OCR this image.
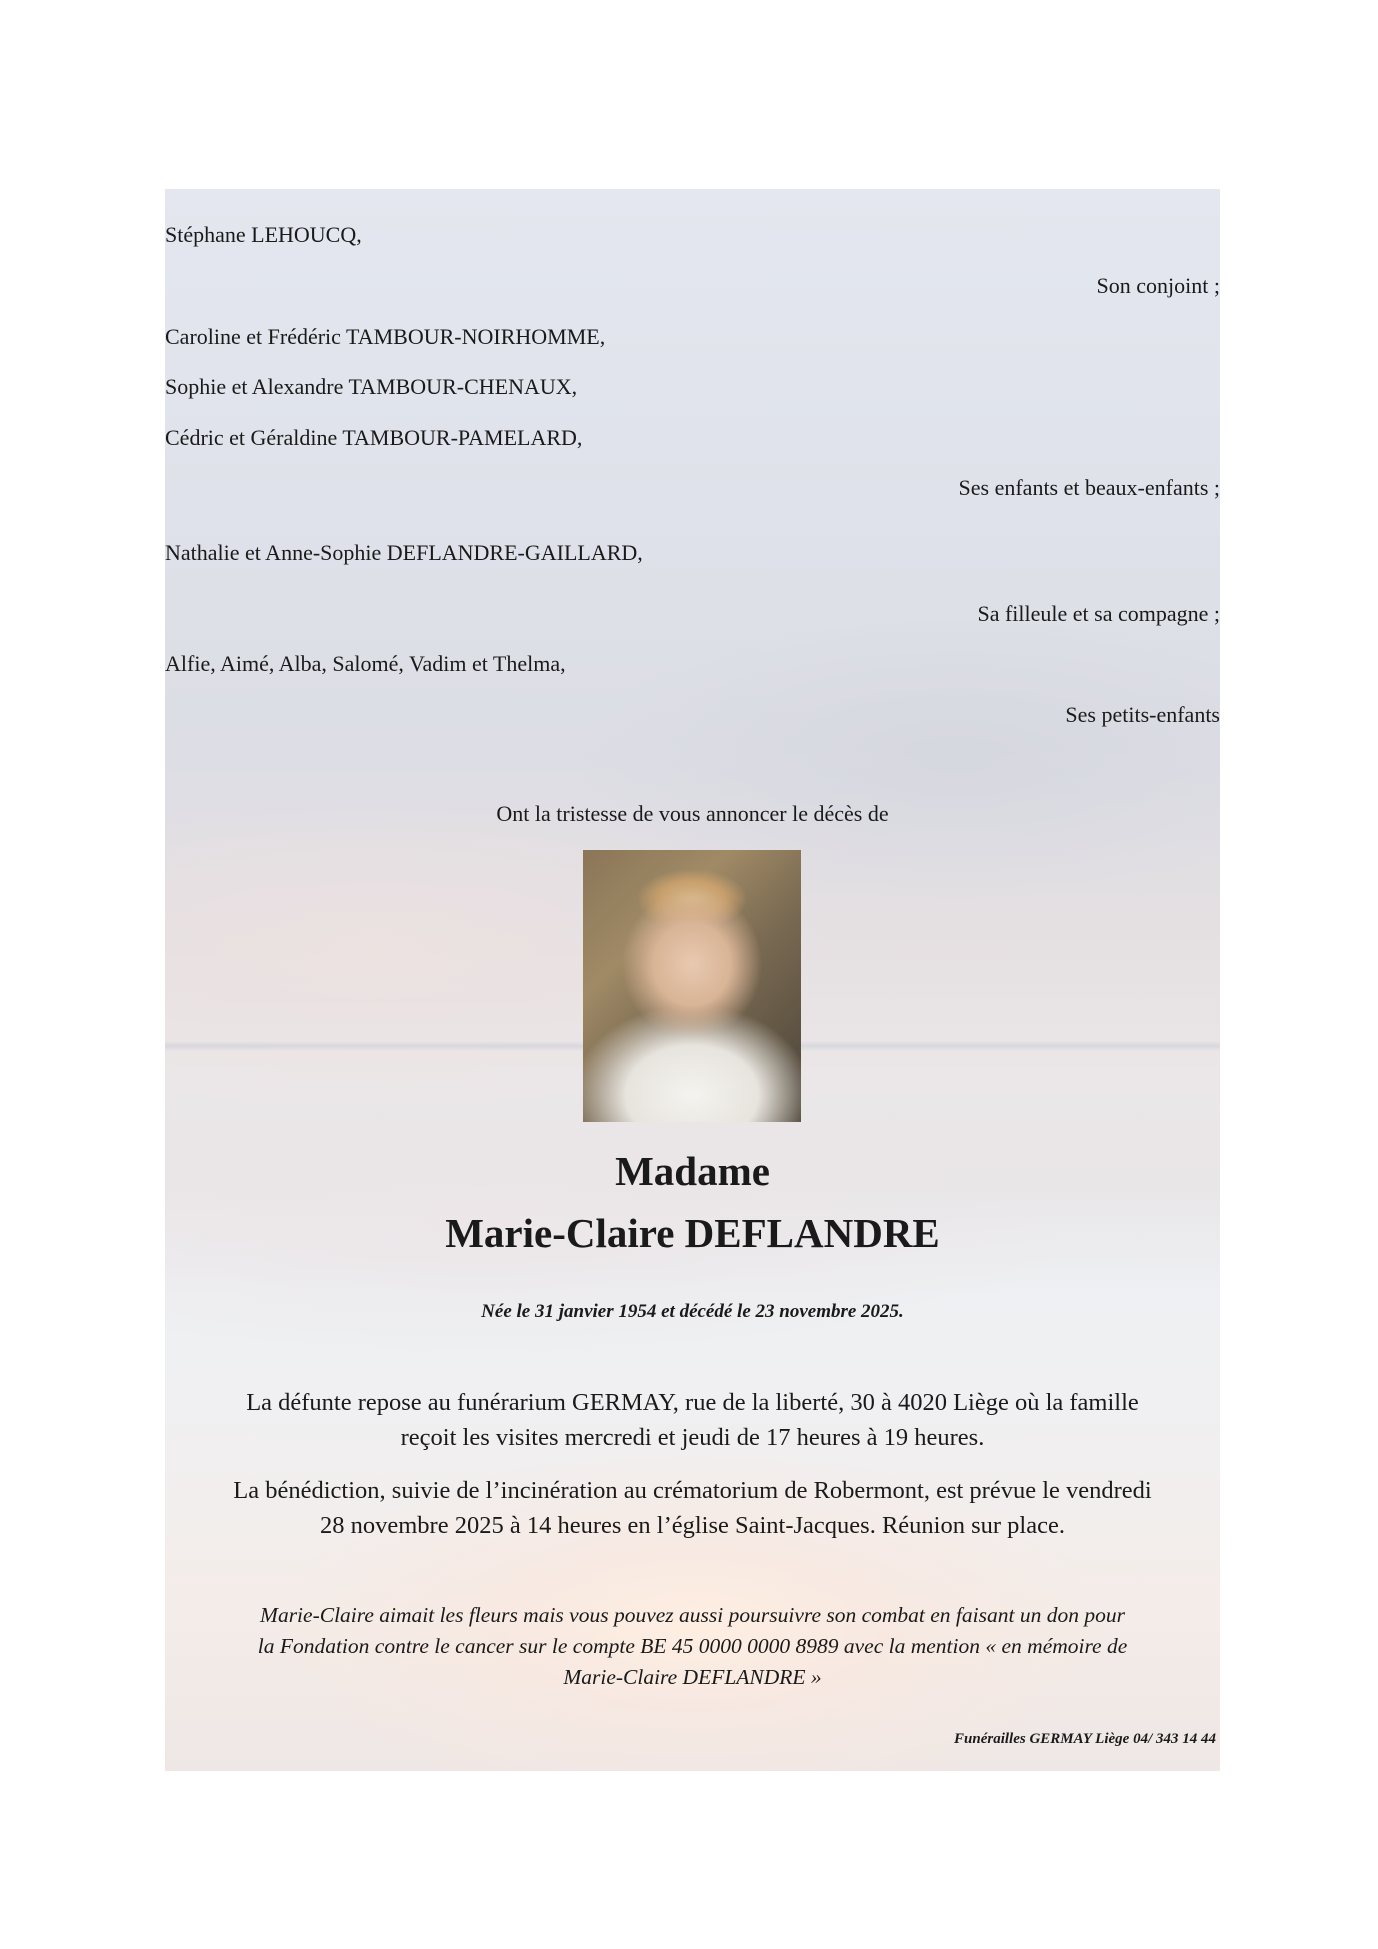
Stéphane LEHOUCQ,
Son conjoint ;
Caroline et Frédéric TAMBOUR-NOIRHOMME,
Sophie et Alexandre TAMBOUR-CHENAUX,
Cédric et Géraldine TAMBOUR-PAMELARD,
Ses enfants et beaux-enfants ;
Nathalie et Anne-Sophie DEFLANDRE-GAILLARD,
Sa filleule et sa compagne ;
Alfie, Aimé, Alba, Salomé, Vadim et Thelma,
Ses petits-enfants
Ont la tristesse de vous annoncer le décès de
Madame
Marie-Claire DEFLANDRE
Née le 31 janvier 1954 et décédé le 23 novembre 2025.
La défunte repose au funérarium GERMAY, rue de la liberté, 30 à 4020 Liège où la famille
reçoit les visites mercredi et jeudi de 17 heures à 19 heures.
La bénédiction, suivie de l’incinération au crématorium de Robermont, est prévue le vendredi
28 novembre 2025 à 14 heures en l’église Saint-Jacques. Réunion sur place.
Marie-Claire aimait les fleurs mais vous pouvez aussi poursuivre son combat en faisant un don pour
la Fondation contre le cancer sur le compte BE 45 0000 0000 8989 avec la mention « en mémoire de
Marie-Claire DEFLANDRE »
Funérailles GERMAY Liège 04/ 343 14 44
